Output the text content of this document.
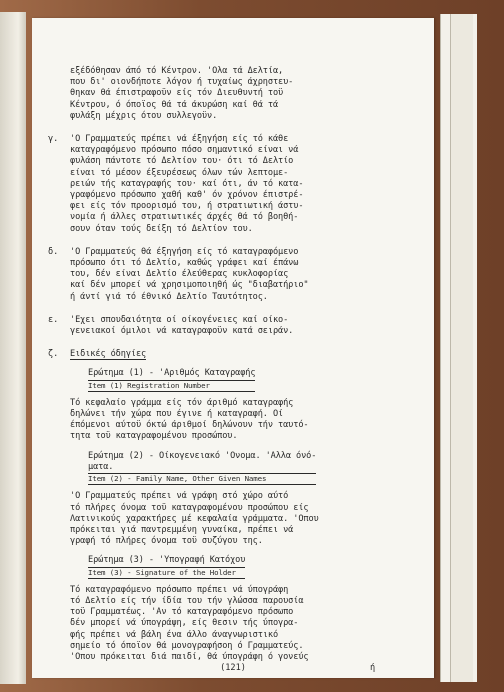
εξέδόθησαν άπό τό Κέντρον. 'Ολα τά Δελτία,
που δι' οιονδήποτε λόγον ή τυχαίως άχρηστευ-
θηκαν θά έπιστραφοϋν είς τόν Διευθυντή τοϋ
Κέντρου, ό όποϊος θά τά άκυρώση καί θά τά
φυλάξη μέχρις ότου συλλεγοϋν.
γ. 'Ο Γραμματεύς πρέπει νά έξηγήση είς τό κάθε
καταγραφόμενο πρόσωπο πόσο σημαντικό είναι νά
φυλάση πάντοτε τό Δελτίον του· ότι τό Δελτίο
είναι τό μέσον έξευρέσεως όλων τών λεπτομε-
ρειών τής καταγραφής του· καί ότι, άν τό κατα-
γραφόμενο πρόσωπο χαθή καθ' όν χρόνον έπιστρέ-
φει είς τόν προορισμό του, ή στρατιωτική άστυ-
νομία ή άλλες στρατιωτικές άρχές θά τό βοηθή-
σουν όταν τούς δείξη τό Δελτίον του.
δ. 'Ο Γραμματεύς θά έξηγήση είς τό καταγραφόμενο
πρόσωπο ότι τό Δελτίο, καθώς γράφει καί έπάνω
του, δέν είναι Δελτίο έλεύθερας κυκλοφορίας
καί δέν μπορεί νά χρησιμοποιηθή ώς "διαβατήριο"
ή άντί γιά τό έθνικό Δελτίο Ταυτότητος.
ε. 'Εχει σπουδαιότητα οί οίκογένειες καί οίκο-
γενειακοί όμιλοι νά καταγραφοϋν κατά σειράν.
ζ. Ειδικές όδηγίες
Ερώτημα (1) - 'Αριθμός Καταγραφής
Item (1) Registration Number
Τό κεφαλαίο γράμμα είς τόν άριθμό καταγραφής
δηλώνει τήν χώρα που έγινε ή καταγραφή. Οί
έπόμενοι αύτοϋ όκτώ άριθμοί δηλώνουν τήν ταυτό-
τητα τοϋ καταγραφομένου προσώπου.
Ερώτημα (2) - Οίκογενειακό 'Ονομα. 'Αλλα όνό-
ματα.
Item (2) - Family Name, Other Given Names
'Ο Γραμματεύς πρέπει νά γράφη στό χώρο αύτό
τό πλήρες όνομα τοϋ καταγραφομένου προσώπου είς
Λατινικούς χαρακτήρες μέ κεφαλαία γράμματα. 'Οπου
πρόκειται γιά παντρεμμένη γυναίκα, πρέπει νά
γραφή τό πλήρες όνομα τοϋ συζύγου της.
Ερώτημα (3) - 'Υπογραφή Κατόχου
Item (3) - Signature of the Holder
Τό καταγραφόμενο πρόσωπο πρέπει νά ύπογράφη
τό Δελτίο είς τήν ίδία του τήν γλώσσα παρουσία
τοϋ Γραμματέως. 'Αν τό καταγραφόμενο πρόσωπο
δέν μπορεί νά ύπογράψη, είς θεσιν τής ύπογρα-
φής πρέπει νά βάλη ένα άλλο άναγνωριστικό
σημείο τό όποϊον θά μονογραφήσοη ό Γραμματεύς.
'Οπου πρόκειται διά παιδί, θά ύπογράφη ό γονεύς
ή
(121)
